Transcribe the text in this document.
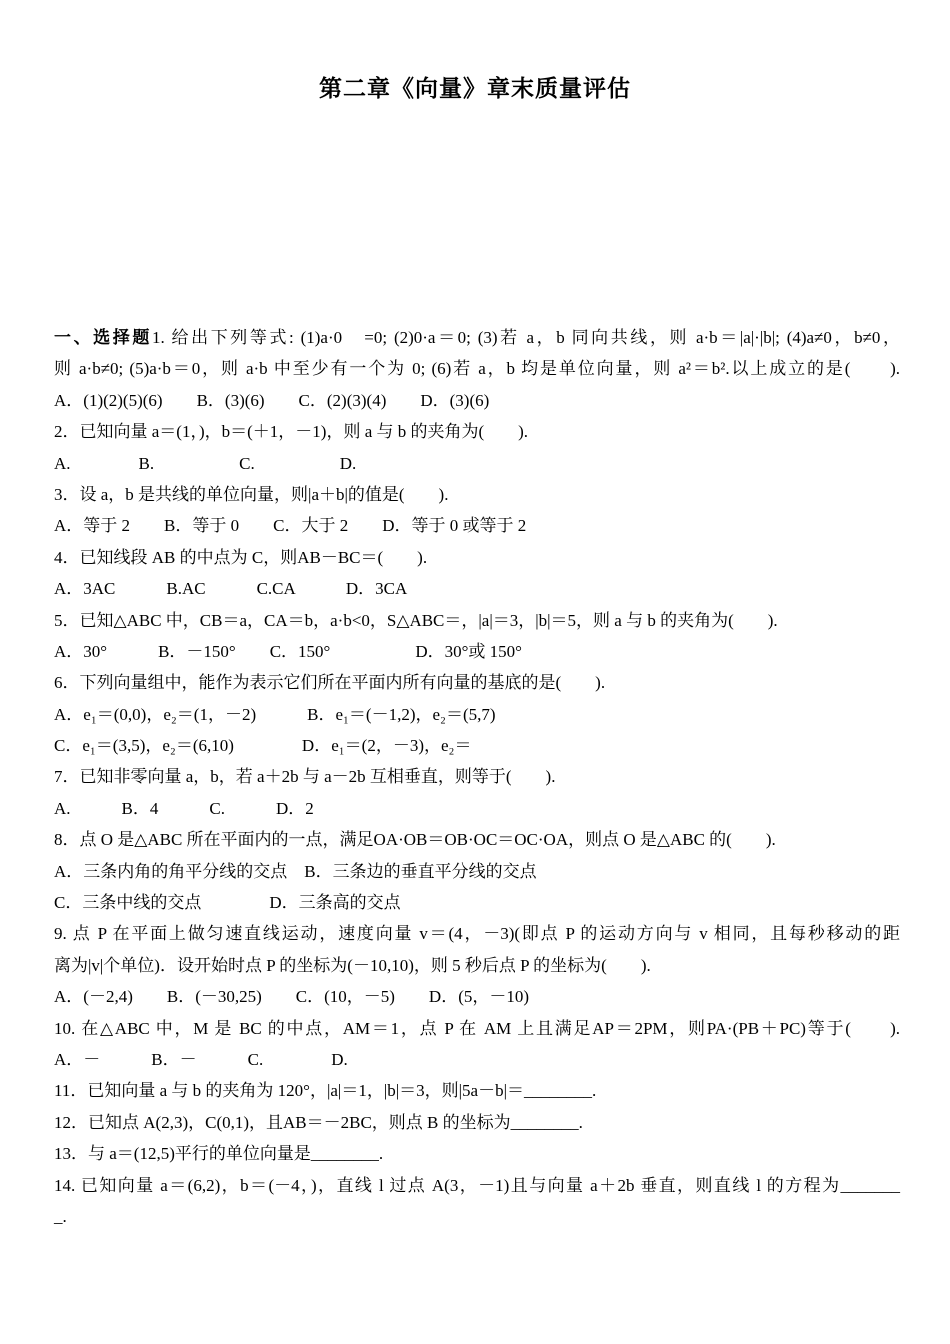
第二章《向量》章末质量评估
一、选择题1. 给出下列等式: (1)a·0　=0; (2)0·a＝0; (3)若 a，b 同向共线，则 a·b＝|a|·|b|; (4)a≠0，b≠0，
则 a·b≠0; (5)a·b＝0，则 a·b 中至少有一个为 0; (6)若 a，b 均是单位向量，则 a²＝b².以上成立的是(　　).
A．(1)(2)(5)(6)　　B．(3)(6)　　C．(2)(3)(4)　　D．(3)(6)
2．已知向量 a＝(1，)，b＝(＋1，－1)，则 a 与 b 的夹角为(　　).
A.　　　　B.　　　　　C.　　　　　D.
3．设 a，b 是共线的单位向量，则|a＋b|的值是(　　).
A．等于 2　　B．等于 0　　C．大于 2　　D．等于 0 或等于 2
4．已知线段 AB 的中点为 C，则AB－BC＝(　　).
A．3AC　　　B.AC　　　C.CA　　　D．3CA
5．已知△ABC 中，CB＝a，CA＝b，a·b<0，S△ABC＝，|a|＝3，|b|＝5，则 a 与 b 的夹角为(　　).
A．30°　　　B．－150°　　C．150°　　　　　D．30°或 150°
6．下列向量组中，能作为表示它们所在平面内所有向量的基底的是(　　).
A．e₁＝(0,0)，e₂＝(1，－2)　　　B．e₁＝(－1,2)，e₂＝(5,7)
C．e₁＝(3,5)，e₂＝(6,10)　　　　D．e₁＝(2，－3)，e₂＝
7．已知非零向量 a，b，若 a＋2b 与 a－2b 互相垂直，则等于(　　).
A.　　　B．4　　　C.　　　D．2
8．点 O 是△ABC 所在平面内的一点，满足OA·OB＝OB·OC＝OC·OA，则点 O 是△ABC 的(　　).
A．三条内角的角平分线的交点　B．三条边的垂直平分线的交点
C．三条中线的交点　　　　D．三条高的交点
9. 点 P 在平面上做匀速直线运动，速度向量 v＝(4，－3)(即点 P 的运动方向与 v 相同，且每秒移动的距
离为|v|个单位)．设开始时点 P 的坐标为(－10,10)，则 5 秒后点 P 的坐标为(　　).
A．(－2,4)　　B．(－30,25)　　C．(10，－5)　　D．(5，－10)
10. 在△ABC 中，M 是 BC 的中点，AM＝1，点 P 在 AM 上且满足AP＝2PM，则PA·(PB＋PC)等于(　　).
A．－　　　B．－　　　C.　　　　D.
11．已知向量 a 与 b 的夹角为 120°，|a|＝1，|b|＝3，则|5a－b|＝________.
12．已知点 A(2,3)，C(0,1)，且AB＝－2BC，则点 B 的坐标为________.
13．与 a＝(12,5)平行的单位向量是________.
14. 已知向量 a＝(6,2)，b＝(－4，)，直线 l 过点 A(3，－1)且与向量 a＋2b 垂直，则直线 l 的方程为_______
_.
